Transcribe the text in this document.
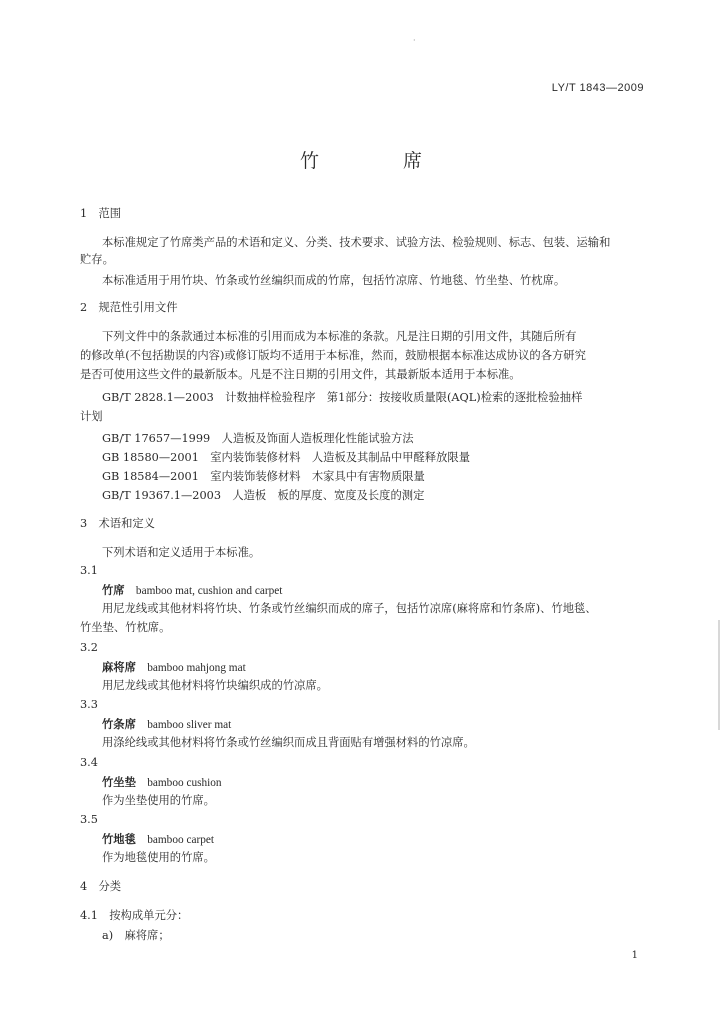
·
LY/T 1843—2009
竹	席
1　范围
本标准规定了竹席类产品的术语和定义、分类、技术要求、试验方法、检验规则、标志、包装、运输和
贮存。
本标准适用于用竹块、竹条或竹丝编织而成的竹席，包括竹凉席、竹地毯、竹坐垫、竹枕席。
2　规范性引用文件
下列文件中的条款通过本标准的引用而成为本标准的条款。凡是注日期的引用文件，其随后所有
的修改单(不包括勘误的内容)或修订版均不适用于本标准，然而，鼓励根据本标准达成协议的各方研究
是否可使用这些文件的最新版本。凡是不注日期的引用文件，其最新版本适用于本标准。
GB/T 2828.1—2003　计数抽样检验程序　第1部分：按接收质量限(AQL)检索的逐批检验抽样
计划
GB/T 17657—1999　人造板及饰面人造板理化性能试验方法
GB 18580—2001　室内装饰装修材料　人造板及其制品中甲醛释放限量
GB 18584—2001　室内装饰装修材料　木家具中有害物质限量
GB/T 19367.1—2003　人造板　板的厚度、宽度及长度的测定
3　术语和定义
下列术语和定义适用于本标准。
3.1
竹席　 bamboo mat, cushion and carpet
用尼龙线或其他材料将竹块、竹条或竹丝编织而成的席子，包括竹凉席(麻将席和竹条席)、竹地毯、
竹坐垫、竹枕席。
3.2
麻将席　 bamboo mahjong mat
用尼龙线或其他材料将竹块编织成的竹凉席。
3.3
竹条席　 bamboo sliver mat
用涤纶线或其他材料将竹条或竹丝编织而成且背面贴有增强材料的竹凉席。
3.4
竹坐垫　 bamboo cushion
作为坐垫使用的竹席。
3.5
竹地毯　 bamboo carpet
作为地毯使用的竹席。
4　分类
4.1　按构成单元分：
a)　麻将席；
1
